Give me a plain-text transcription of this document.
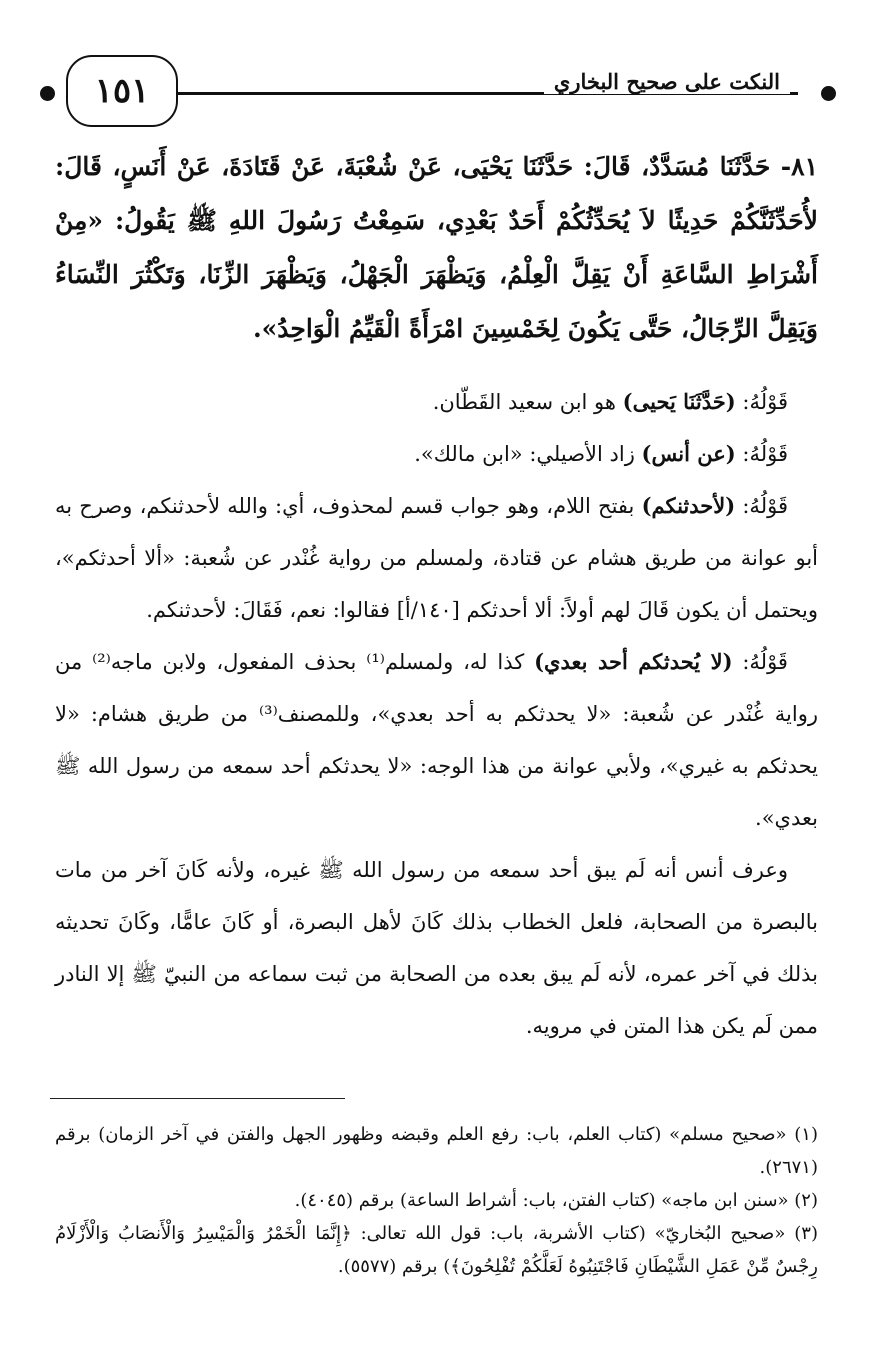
١٥١	النكت على صحيح البخاري

٨١- حَدَّثَنَا مُسَدَّدٌ، قَالَ: حَدَّثَنَا يَحْيَى، عَنْ شُعْبَةَ، عَنْ قَتَادَةَ، عَنْ أَنَسٍ، قَالَ: لأُحَدِّثَنَّكُمْ حَدِيثًا لاَ يُحَدِّثُكُمْ أَحَدٌ بَعْدِي، سَمِعْتُ رَسُولَ اللهِ ﷺ يَقُولُ: «مِنْ أَشْرَاطِ السَّاعَةِ أَنْ يَقِلَّ الْعِلْمُ، وَيَظْهَرَ الْجَهْلُ، وَيَظْهَرَ الزِّنَا، وَتَكْثُرَ النِّسَاءُ وَيَقِلَّ الرِّجَالُ، حَتَّى يَكُونَ لِخَمْسِينَ امْرَأَةً الْقَيِّمُ الْوَاحِدُ».

قَوْلُهُ: (حَدَّثَنَا يَحيى) هو ابن سعيد القَطّان.

قَوْلُهُ: (عن أنس) زاد الأصيلي: «ابن مالك».

قَوْلُهُ: (لأحدثنكم) بفتح اللام، وهو جواب قسم لمحذوف، أي: والله لأحدثنكم، وصرح به أبو عوانة من طريق هشام عن قتادة، ولمسلم من رواية غُنْدر عن شُعبة: «ألا أحدثكم»، ويحتمل أن يكون قَالَ لهم أولاً: ألا أحدثكم [١٤٠/أ] فقالوا: نعم، فَقَالَ: لأحدثنكم.

قَوْلُهُ: (لا يُحدثكم أحد بعدي) كذا له، ولمسلم⁽¹⁾ بحذف المفعول، ولابن ماجه⁽²⁾ من رواية غُنْدر عن شُعبة: «لا يحدثكم به أحد بعدي»، وللمصنف⁽³⁾ من طريق هشام: «لا يحدثكم به غيري»، ولأبي عوانة من هذا الوجه: «لا يحدثكم أحد سمعه من رسول الله ﷺ بعدي».

وعرف أنس أنه لَم يبق أحد سمعه من رسول الله ﷺ غيره، ولأنه كَانَ آخر من مات بالبصرة من الصحابة، فلعل الخطاب بذلك كَانَ لأهل البصرة، أو كَانَ عامًّا، وكَانَ تحديثه بذلك في آخر عمره، لأنه لَم يبق بعده من الصحابة من ثبت سماعه من النبيّ ﷺ إلا النادر ممن لَم يكن هذا المتن في مرويه.

(١) «صحيح مسلم» (كتاب العلم، باب: رفع العلم وقبضه وظهور الجهل والفتن في آخر الزمان) برقم (٢٦٧١).

(٢) «سنن ابن ماجه» (كتاب الفتن، باب: أشراط الساعة) برقم (٤٠٤٥).

(٣) «صحيح البُخاريّ» (كتاب الأشربة، باب: قول الله تعالى: ﴿إِنَّمَا الْخَمْرُ وَالْمَيْسِرُ وَالْأَنصَابُ وَالْأَزْلَامُ رِجْسٌ مِّنْ عَمَلِ الشَّيْطَانِ فَاجْتَنِبُوهُ لَعَلَّكُمْ تُفْلِحُونَ﴾) برقم (٥٥٧٧).
